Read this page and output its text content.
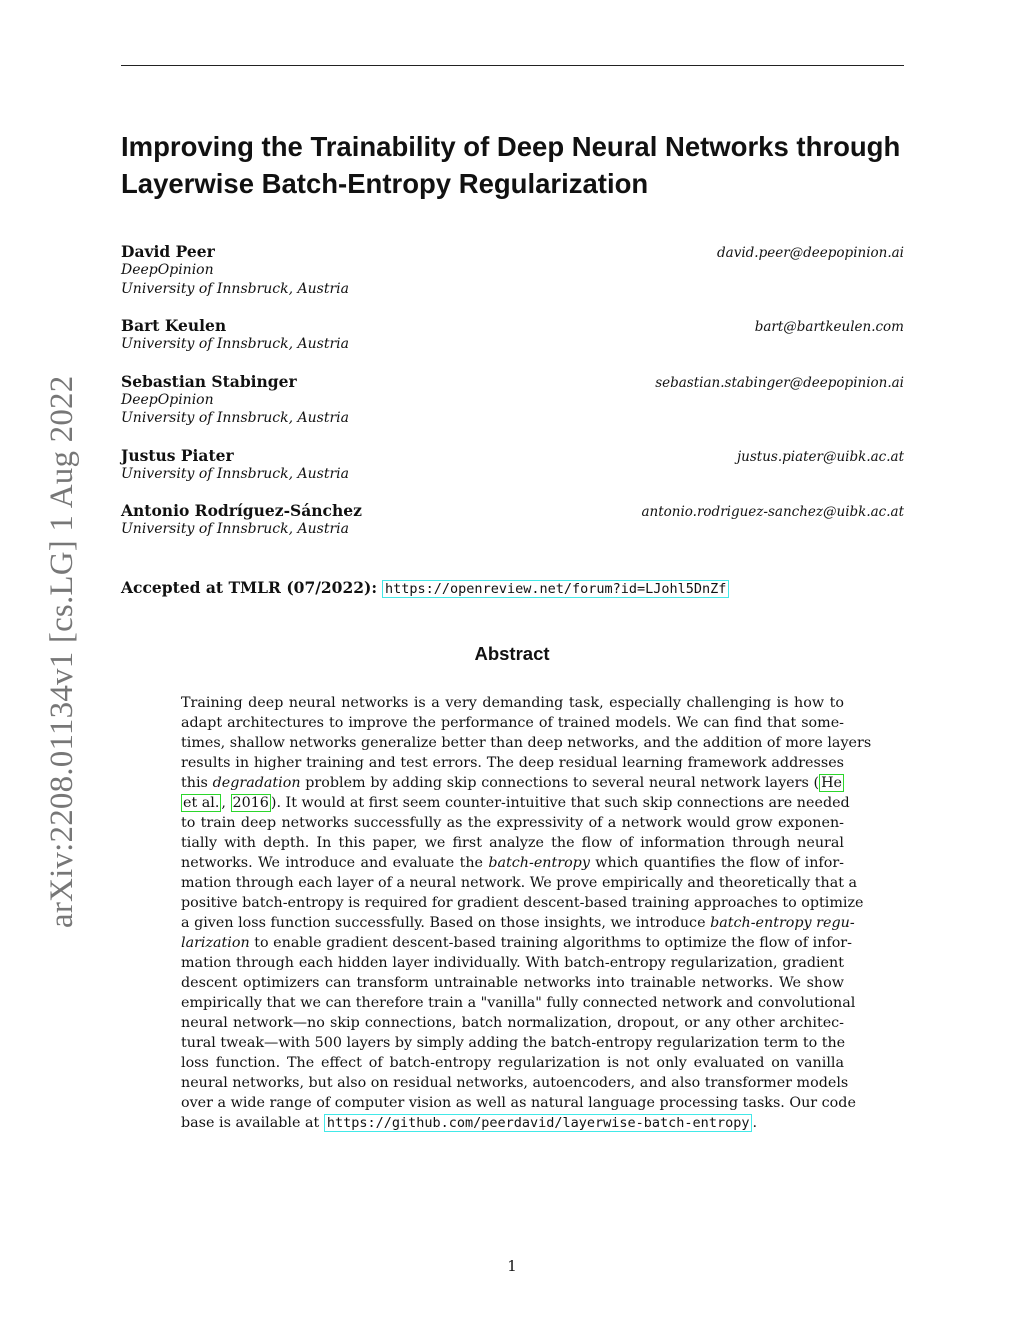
arXiv:2208.01134v1 [cs.LG] 1 Aug 2022
Improving the Trainability of Deep Neural Networks through
Layerwise Batch-Entropy Regularization
David Peer
DeepOpinion
University of Innsbruck, Austria
david.peer@deepopinion.ai
Bart Keulen
University of Innsbruck, Austria
bart@bartkeulen.com
Sebastian Stabinger
DeepOpinion
University of Innsbruck, Austria
sebastian.stabinger@deepopinion.ai
Justus Piater
University of Innsbruck, Austria
justus.piater@uibk.ac.at
Antonio Rodríguez-Sánchez
University of Innsbruck, Austria
antonio.rodriguez-sanchez@uibk.ac.at
Accepted at TMLR (07/2022): https://openreview.net/forum?id=LJohl5DnZf
Abstract
Training deep neural networks is a very demanding task, especially challenging is how to
adapt architectures to improve the performance of trained models. We can find that some-
times, shallow networks generalize better than deep networks, and the addition of more layers
results in higher training and test errors. The deep residual learning framework addresses
this degradation problem by adding skip connections to several neural network layers ( He
et al. , 2016 ). It would at first seem counter-intuitive that such skip connections are needed
to train deep networks successfully as the expressivity of a network would grow exponen-
tially with depth. In this paper, we first analyze the flow of information through neural
networks. We introduce and evaluate the batch-entropy which quantifies the flow of infor-
mation through each layer of a neural network. We prove empirically and theoretically that a
positive batch-entropy is required for gradient descent-based training approaches to optimize
a given loss function successfully. Based on those insights, we introduce batch-entropy regu-
larization to enable gradient descent-based training algorithms to optimize the flow of infor-
mation through each hidden layer individually. With batch-entropy regularization, gradient
descent optimizers can transform untrainable networks into trainable networks. We show
empirically that we can therefore train a "vanilla" fully connected network and convolutional
neural network—no skip connections, batch normalization, dropout, or any other architec-
tural tweak—with 500 layers by simply adding the batch-entropy regularization term to the
loss function. The effect of batch-entropy regularization is not only evaluated on vanilla
neural networks, but also on residual networks, autoencoders, and also transformer models
over a wide range of computer vision as well as natural language processing tasks. Our code
base is available at https://github.com/peerdavid/layerwise-batch-entropy .
1
